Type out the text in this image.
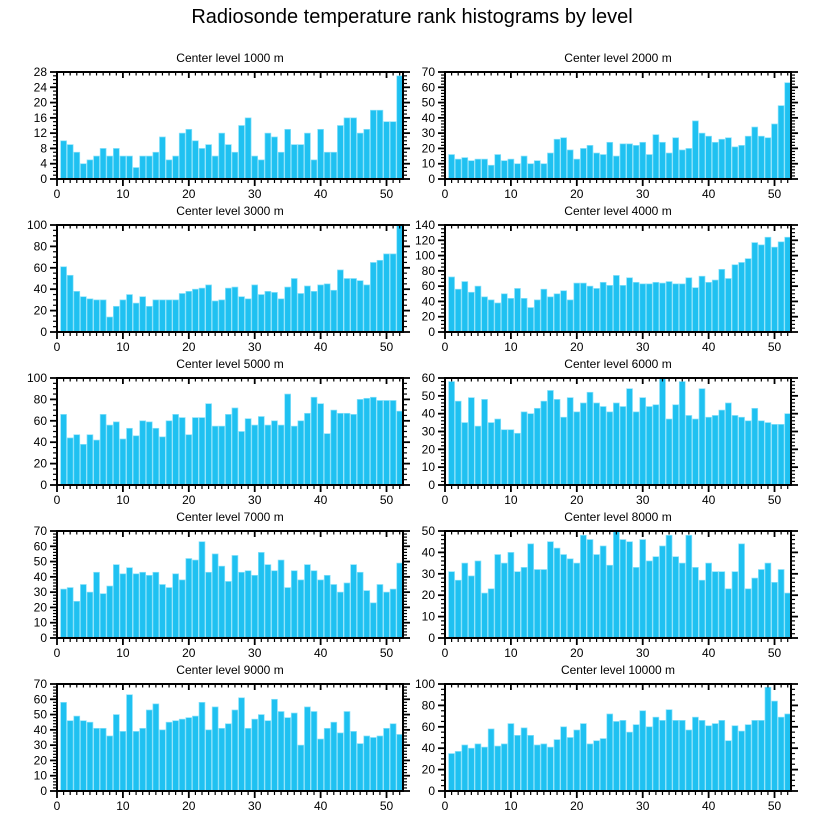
Radiosonde temperature rank histograms by level
0
4
8
12
16
20
24
28
0	10	20	30	40	50
Center level 1000 m
0
10
20
30
40
50
60
70
0	10	20	30	40	50
Center level 2000 m
0
20
40
60
80
100
0	10	20	30	40	50
Center level 3000 m
0
20
40
60
80
100
120
140
0	10	20	30	40	50
Center level 4000 m
0
20
40
60
80
100
0	10	20	30	40	50
Center level 5000 m
0
10
20
30
40
50
60
0	10	20	30	40	50
Center level 6000 m
0
10
20
30
40
50
60
70
0	10	20	30	40	50
Center level 7000 m
0
10
20
30
40
50
0	10	20	30	40	50
Center level 8000 m
0
10
20
30
40
50
60
70
0	10	20	30	40	50
Center level 9000 m
0
20
40
60
80
100
0	10	20	30	40	50
Center level 10000 m
